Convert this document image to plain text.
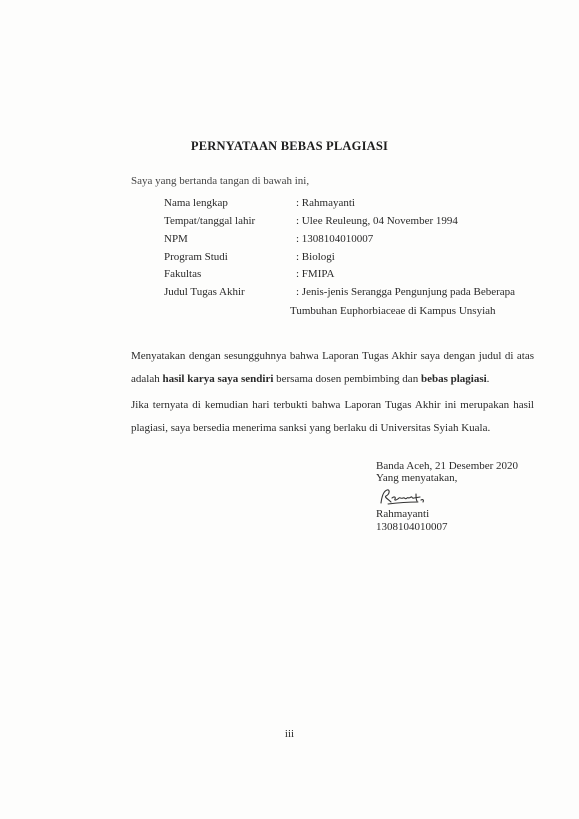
PERNYATAAN BEBAS PLAGIASI
Saya yang bertanda tangan di bawah ini,
Nama lengkap	: Rahmayanti
Tempat/tanggal lahir	: Ulee Reuleung, 04 November 1994
NPM	: 1308104010007
Program Studi	: Biologi
Fakultas	: FMIPA
Judul Tugas Akhir	: Jenis-jenis Serangga Pengunjung pada Beberapa
Tumbuhan Euphorbiaceae di Kampus Unsyiah
Menyatakan dengan sesungguhnya bahwa Laporan Tugas Akhir saya dengan judul di atas adalah hasil karya saya sendiri bersama dosen pembimbing dan bebas plagiasi.
Jika ternyata di kemudian hari terbukti bahwa Laporan Tugas Akhir ini merupakan hasil plagiasi, saya bersedia menerima sanksi yang berlaku di Universitas Syiah Kuala.
Banda Aceh, 21 Desember 2020
Yang menyatakan,
Rahmayanti
1308104010007
iii
